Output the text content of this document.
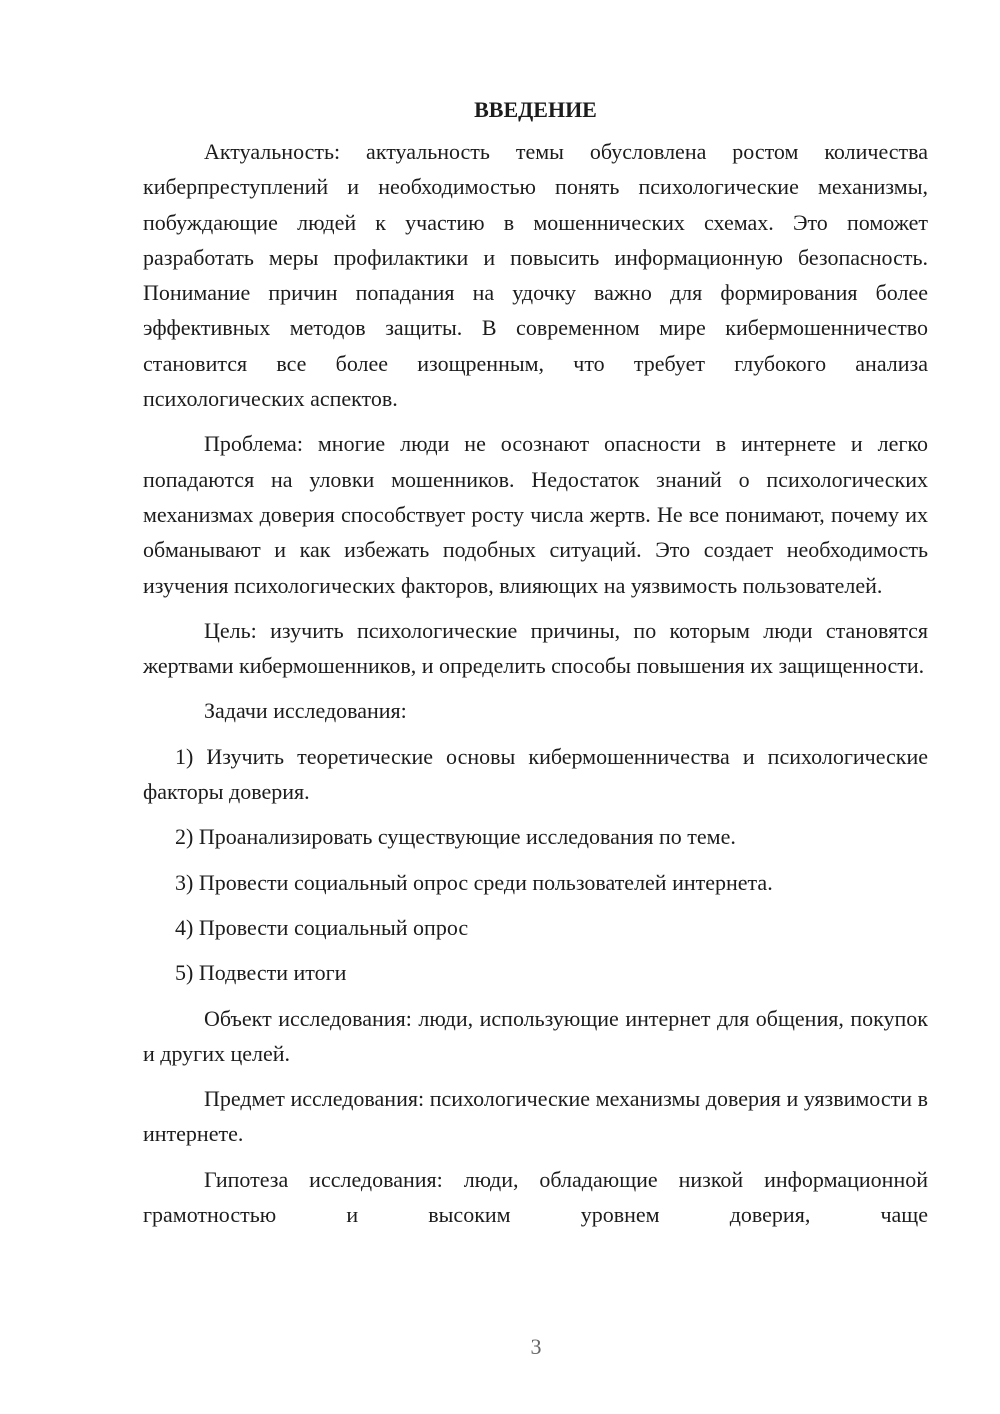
ВВЕДЕНИЕ

Актуальность: актуальность темы обусловлена ростом количества киберпреступлений и необходимостью понять психологические механизмы, побуждающие людей к участию в мошеннических схемах. Это поможет разработать меры профилактики и повысить информационную безопасность. Понимание причин попадания на удочку важно для формирования более эффективных методов защиты. В современном мире кибермошенничество становится все более изощренным, что требует глубокого анализа психологических аспектов.

Проблема: многие люди не осознают опасности в интернете и легко попадаются на уловки мошенников. Недостаток знаний о психологических механизмах доверия способствует росту числа жертв. Не все понимают, почему их обманывают и как избежать подобных ситуаций. Это создает необходимость изучения психологических факторов, влияющих на уязвимость пользователей.

Цель: изучить психологические причины, по которым люди становятся жертвами кибермошенников, и определить способы повышения их защищенности.

Задачи исследования:

1) Изучить теоретические основы кибермошенничества и психологические факторы доверия.

2) Проанализировать существующие исследования по теме.

3) Провести социальный опрос среди пользователей интернета.

4) Провести социальный опрос

5) Подвести итоги

Объект исследования: люди, использующие интернет для общения, покупок и других целей.

Предмет исследования: психологические механизмы доверия и уязвимости в интернете.

Гипотеза исследования: люди, обладающие низкой информационной грамотностью и высоким уровнем доверия, чаще

3
